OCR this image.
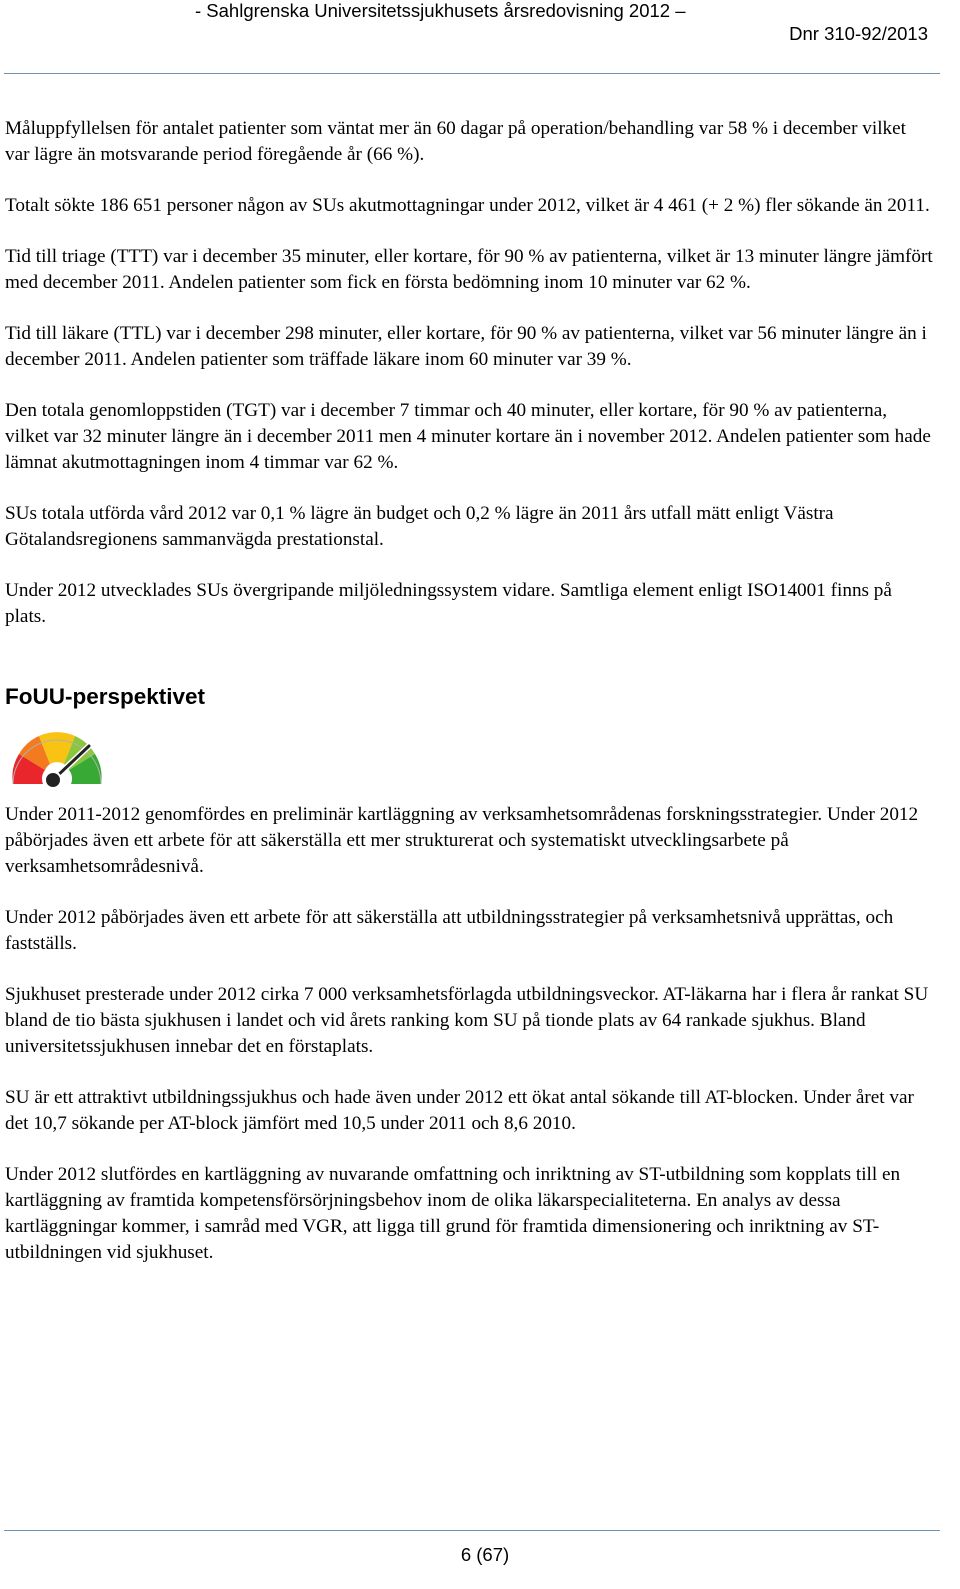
- Sahlgrenska Universitetssjukhusets årsredovisning 2012 –
Dnr 310-92/2013

Måluppfyllelsen för antalet patienter som väntat mer än 60 dagar på operation/behandling var 58 % i december vilket var lägre än motsvarande period föregående år (66 %).

Totalt sökte 186 651 personer någon av SUs akutmottagningar under 2012, vilket är 4 461 (+ 2 %) fler sökande än 2011.

Tid till triage (TTT) var i december 35 minuter, eller kortare, för 90 % av patienterna, vilket är 13 minuter längre jämfört med december 2011. Andelen patienter som fick en första bedömning inom 10 minuter var 62 %.

Tid till läkare (TTL) var i december 298 minuter, eller kortare, för 90 % av patienterna, vilket var 56 minuter längre än i december 2011. Andelen patienter som träffade läkare inom 60 minuter var 39 %.

Den totala genomloppstiden (TGT) var i december 7 timmar och 40 minuter, eller kortare, för 90 % av patienterna, vilket var 32 minuter längre än i december 2011 men 4 minuter kortare än i november 2012. Andelen patienter som hade lämnat akutmottagningen inom 4 timmar var 62 %.

SUs totala utförda vård 2012 var 0,1 % lägre än budget och 0,2 % lägre än 2011 års utfall mätt enligt Västra Götalandsregionens sammanvägda prestationstal.

Under 2012 utvecklades SUs övergripande miljöledningssystem vidare. Samtliga element enligt ISO14001 finns på plats.

FoUU-perspektivet

Under 2011-2012 genomfördes en preliminär kartläggning av verksamhetsområdenas forskningsstrategier. Under 2012 påbörjades även ett arbete för att säkerställa ett mer strukturerat och systematiskt utvecklingsarbete på verksamhetsområdesnivå.

Under 2012 påbörjades även ett arbete för att säkerställa att utbildningsstrategier på verksamhetsnivå upprättas, och fastställs.

Sjukhuset presterade under 2012 cirka 7 000 verksamhetsförlagda utbildningsveckor. AT-läkarna har i flera år rankat SU bland de tio bästa sjukhusen i landet och vid årets ranking kom SU på tionde plats av 64 rankade sjukhus. Bland universitetssjukhusen innebar det en förstaplats.

SU är ett attraktivt utbildningssjukhus och hade även under 2012 ett ökat antal sökande till AT-blocken. Under året var det 10,7 sökande per AT-block jämfört med 10,5 under 2011 och 8,6 2010.

Under 2012 slutfördes en kartläggning av nuvarande omfattning och inriktning av ST-utbildning som kopplats till en kartläggning av framtida kompetensförsörjningsbehov inom de olika läkarspecialiteterna. En analys av dessa kartläggningar kommer, i samråd med VGR, att ligga till grund för framtida dimensionering och inriktning av ST-utbildningen vid sjukhuset.

6 (67)
